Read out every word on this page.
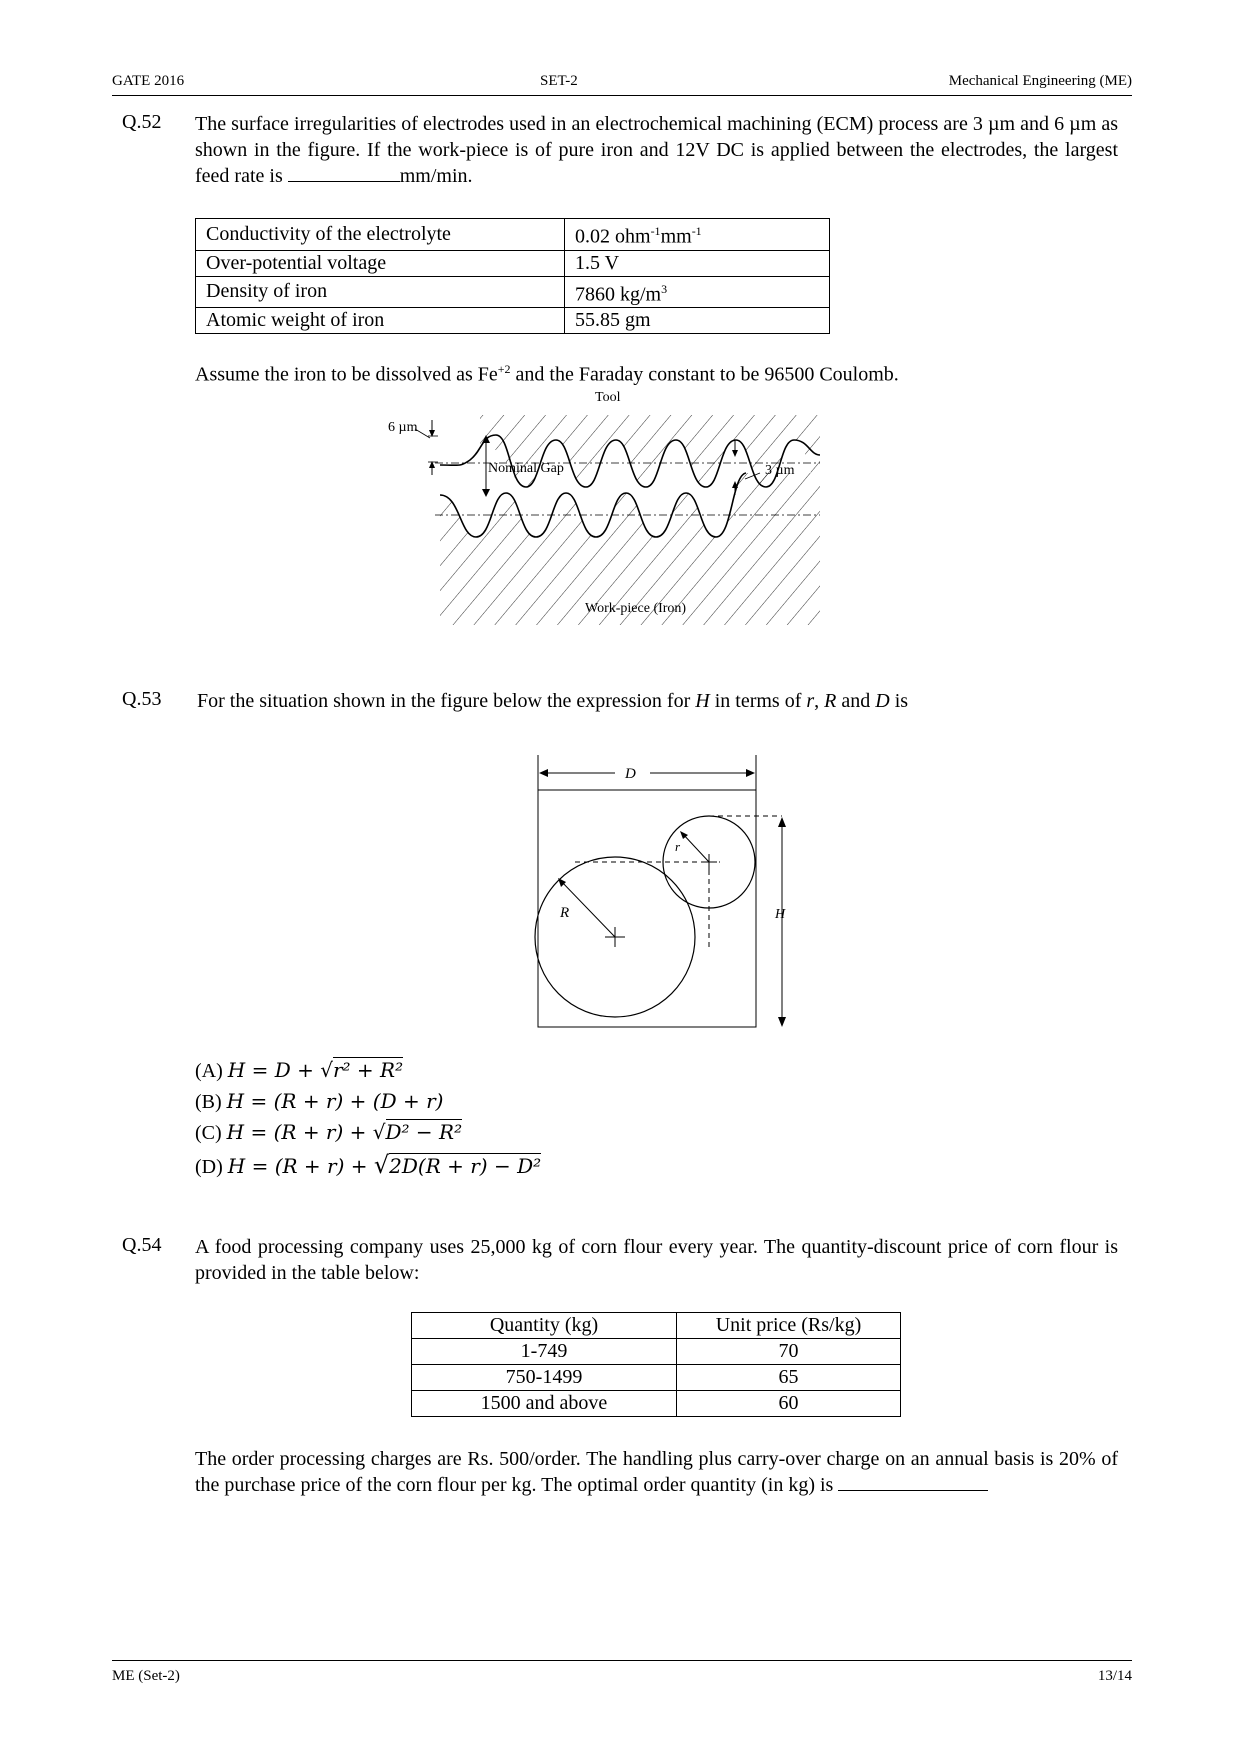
GATE 2016	SET-2	Mechanical Engineering (ME)
Q.52 The surface irregularities of electrodes used in an electrochemical machining (ECM) process are 3 µm and 6 µm as shown in the figure. If the work-piece is of pure iron and 12V DC is applied between the electrodes, the largest feed rate is	mm/min.
Conductivity of the electrolyte	0.02 $ohm^{-1}mm^{-1}$
Over-potential voltage	1.5 V
Density of iron	7860 $kg/m^3$
Atomic weight of iron	55.85 gm
Assume the iron to be dissolved as $Fe^{+2}$ and the Faraday constant to be 96500 Coulomb.
Tool
6 µm
Nominal Gap	3 µm
Work-piece (Iron)
Q.53 For the situation shown in the figure below the expression for H in terms of r, R and D is
D
R
r
H
(A) H = D + √r² + R²
(B) H = (R + r) + (D + r)
(C) H = (R + r) + √D² − R²
(D) H = (R + r) + √2D(R + r) − D²
Q.54 A food processing company uses 25,000 kg of corn flour every year. The quantity-discount price of corn flour is provided in the table below:
Quantity (kg)	Unit price (Rs/kg)
1-749	70
750-1499	65
1500 and above	60
The order processing charges are Rs. 500/order. The handling plus carry-over charge on an annual basis is 20% of the purchase price of the corn flour per kg. The optimal order quantity (in kg) is
ME (Set-2)	13/14
